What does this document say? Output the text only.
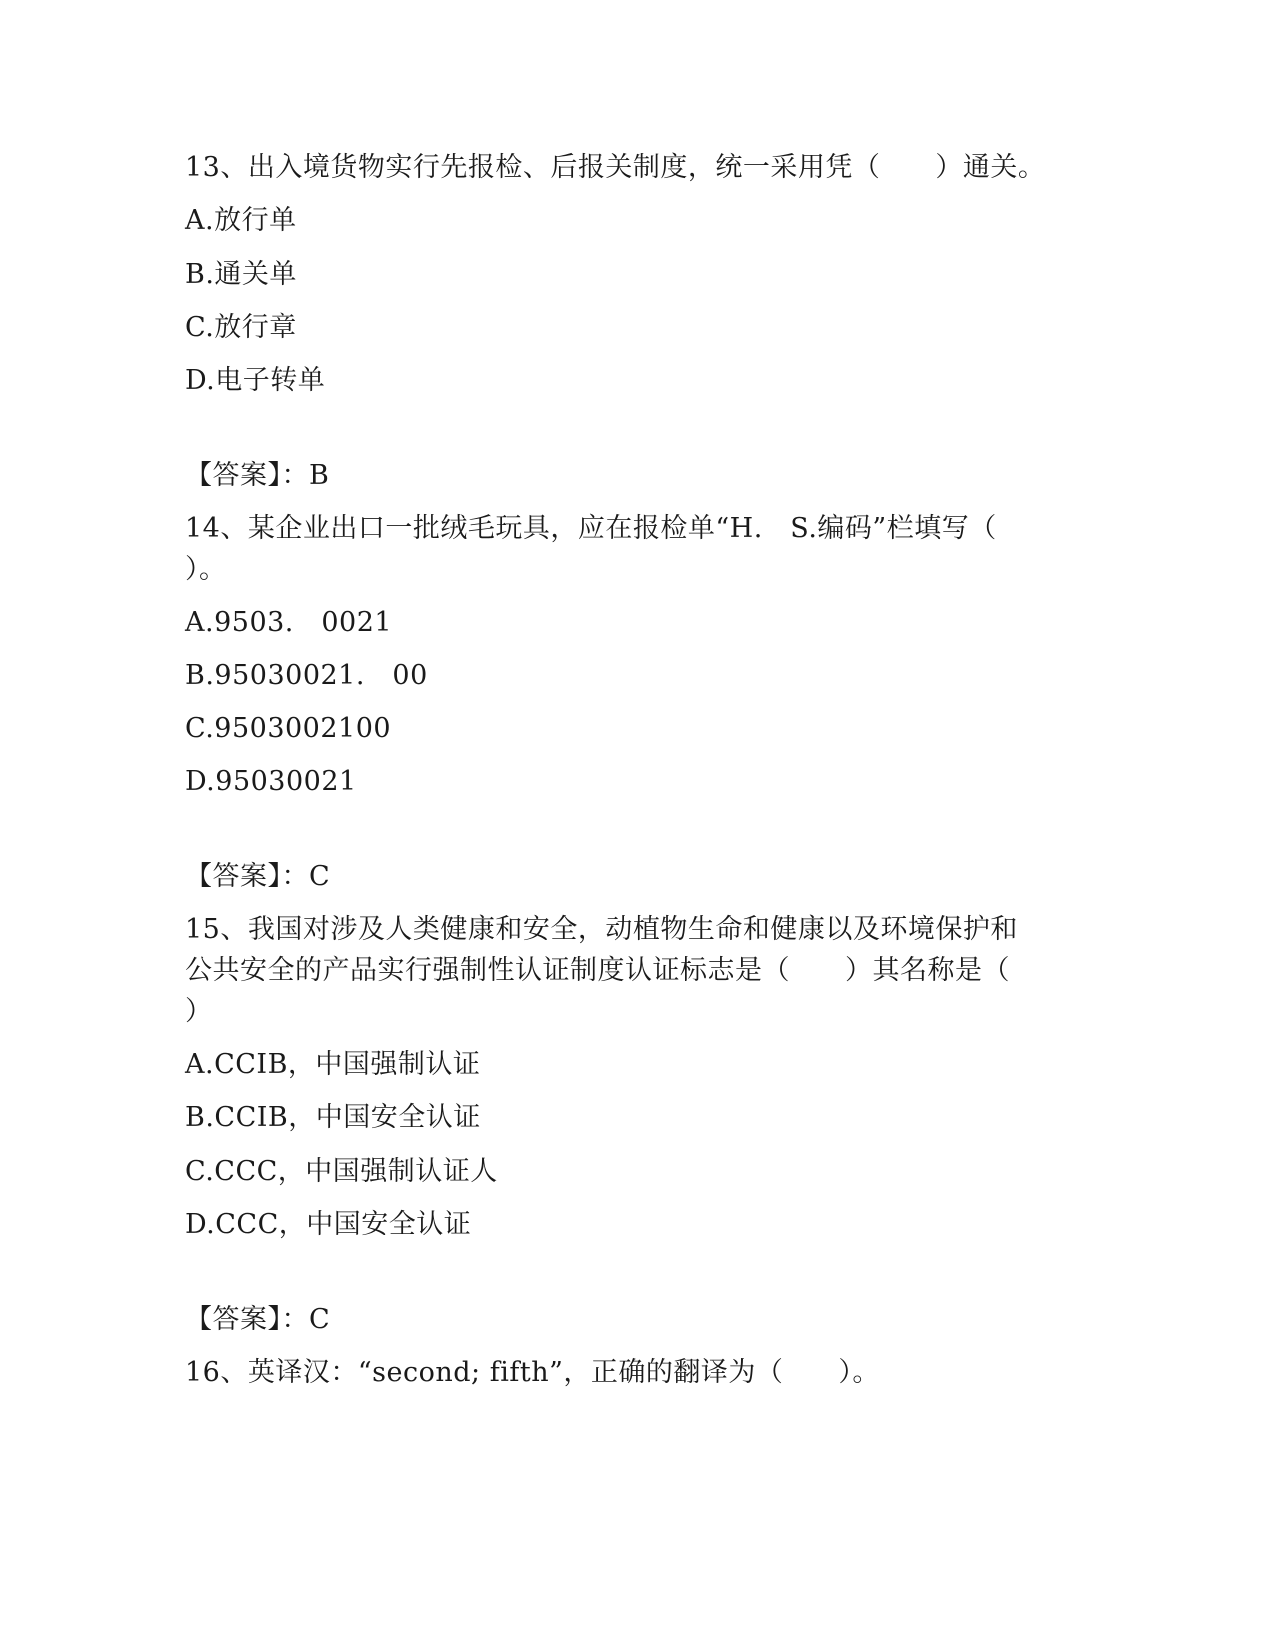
13、出入境货物实行先报检、后报关制度，统一采用凭（　　）通关。
A.放行单
B.通关单
C.放行章
D.电子转单
【答案】：B
14、某企业出口一批绒毛玩具，应在报检单“H.　S.编码”栏填写（
）。
A.9503.　0021
B.95030021.　00
C.9503002100
D.95030021
【答案】：C
15、我国对涉及人类健康和安全，动植物生命和健康以及环境保护和
公共安全的产品实行强制性认证制度认证标志是（　　）其名称是（
）
A.CCIB，中国强制认证
B.CCIB，中国安全认证
C.CCC，中国强制认证人
D.CCC，中国安全认证
【答案】：C
16、英译汉：“second; fifth”，正确的翻译为（　　）。
